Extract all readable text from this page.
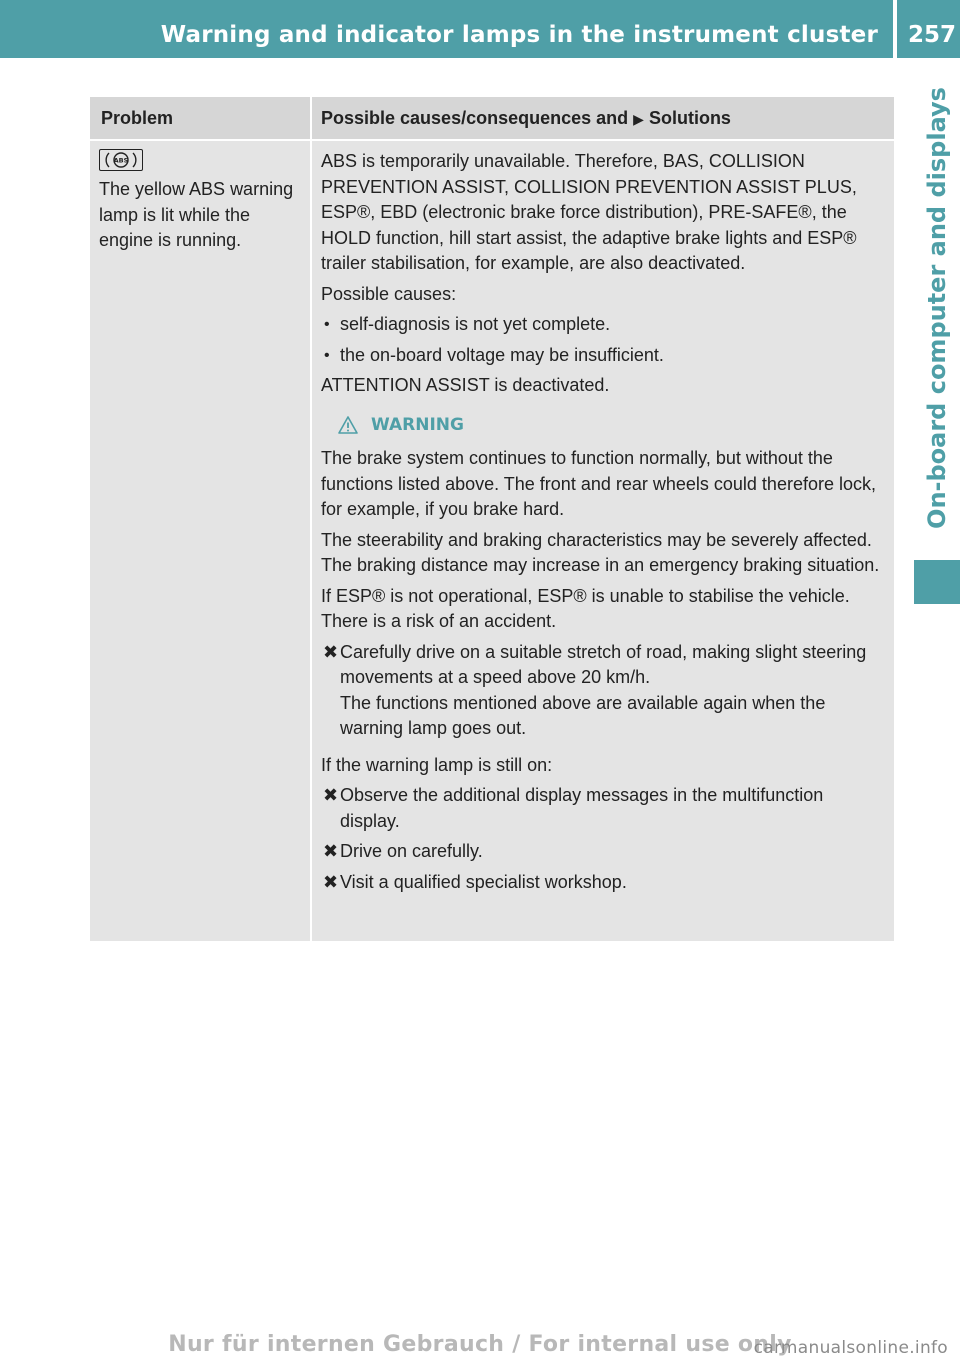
Warning and indicator lamps in the instrument cluster 257
On-board computer and displays
Problem	Possible causes/consequences and ▶ Solutions
ABS
The yellow ABS warning lamp is lit while the engine is running.

ABS is temporarily unavailable. Therefore, BAS, COLLISION PREVENTION ASSIST, COLLISION PREVENTION ASSIST PLUS, ESP®, EBD (electronic brake force distribution), PRE-SAFE®, the HOLD function, hill start assist, the adaptive brake lights and ESP® trailer stabilisation, for example, are also deactivated.

Possible causes:

• self-diagnosis is not yet complete.
• the on-board voltage may be insufficient.

ATTENTION ASSIST is deactivated.

WARNING

The brake system continues to function normally, but without the functions listed above. The front and rear wheels could therefore lock, for example, if you brake hard.

The steerability and braking characteristics may be severely affected. The braking distance may increase in an emergency braking situation.

If ESP® is not operational, ESP® is unable to stabilise the vehicle. There is a risk of an accident.

✖ Carefully drive on a suitable stretch of road, making slight steering movements at a speed above 20 km/h.
The functions mentioned above are available again when the warning lamp goes out.

If the warning lamp is still on:

✖ Observe the additional display messages in the multifunction display.
✖ Drive on carefully.
✖ Visit a qualified specialist workshop.
Nur für internen Gebrauch / For internal use only
carmanualsonline.info
